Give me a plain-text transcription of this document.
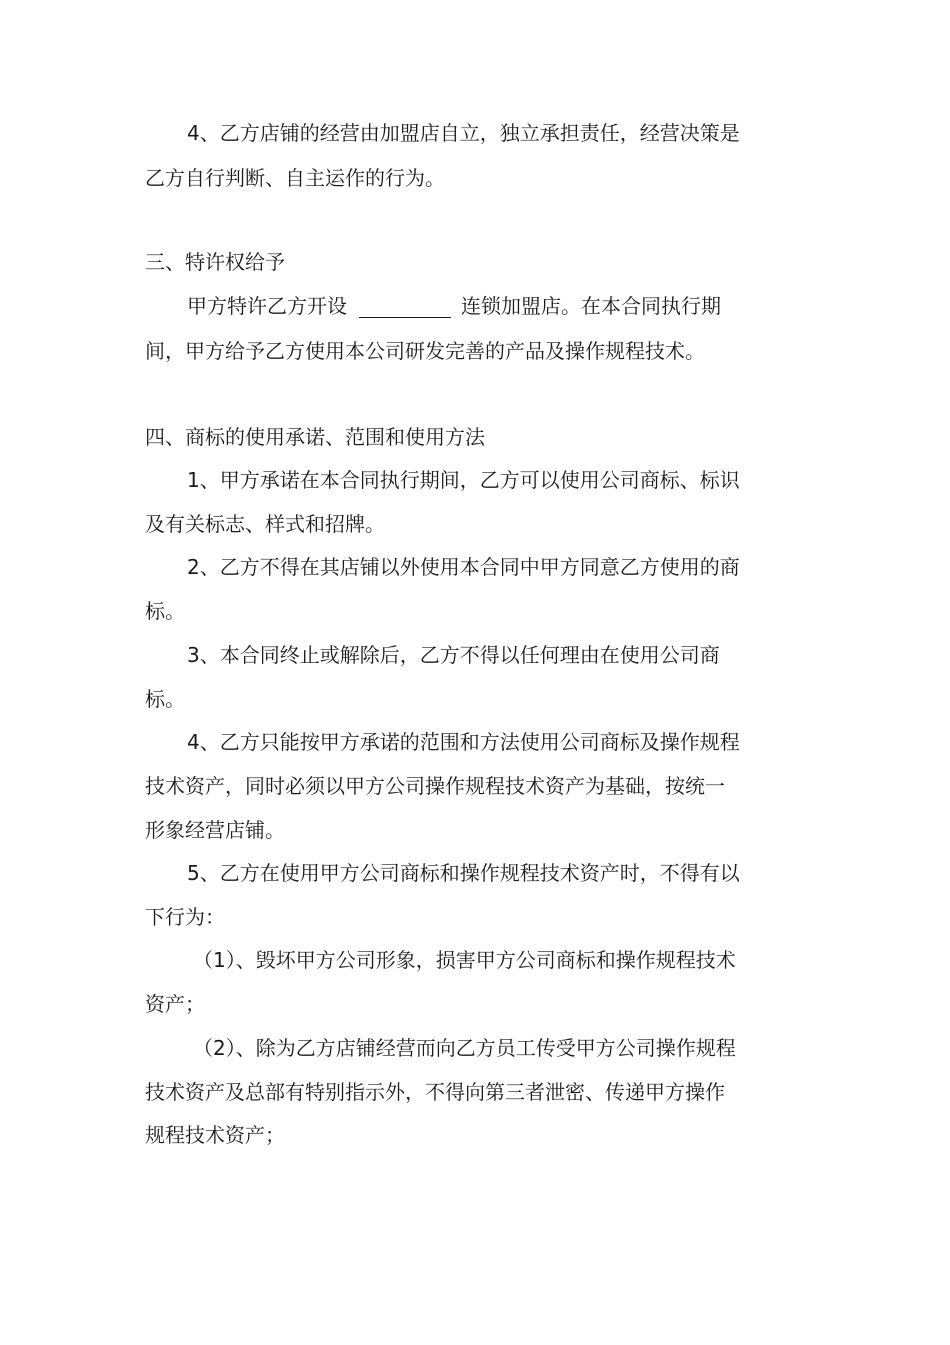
4、乙方店铺的经营由加盟店自立，独立承担责任，经营决策是
乙方自行判断、自主运作的行为。
三、特许权给予
甲方特许乙方开设	连锁加盟店。在本合同执行期
间，甲方给予乙方使用本公司研发完善的产品及操作规程技术。
四、商标的使用承诺、范围和使用方法
1、甲方承诺在本合同执行期间，乙方可以使用公司商标、标识
及有关标志、样式和招牌。
2、乙方不得在其店铺以外使用本合同中甲方同意乙方使用的商
标。
3、本合同终止或解除后，乙方不得以任何理由在使用公司商
标。
4、乙方只能按甲方承诺的范围和方法使用公司商标及操作规程
技术资产，同时必须以甲方公司操作规程技术资产为基础，按统一
形象经营店铺。
5、乙方在使用甲方公司商标和操作规程技术资产时，不得有以
下行为：
（1）、毁坏甲方公司形象，损害甲方公司商标和操作规程技术
资产；
（2）、除为乙方店铺经营而向乙方员工传受甲方公司操作规程
技术资产及总部有特别指示外，不得向第三者泄密、传递甲方操作
规程技术资产；
